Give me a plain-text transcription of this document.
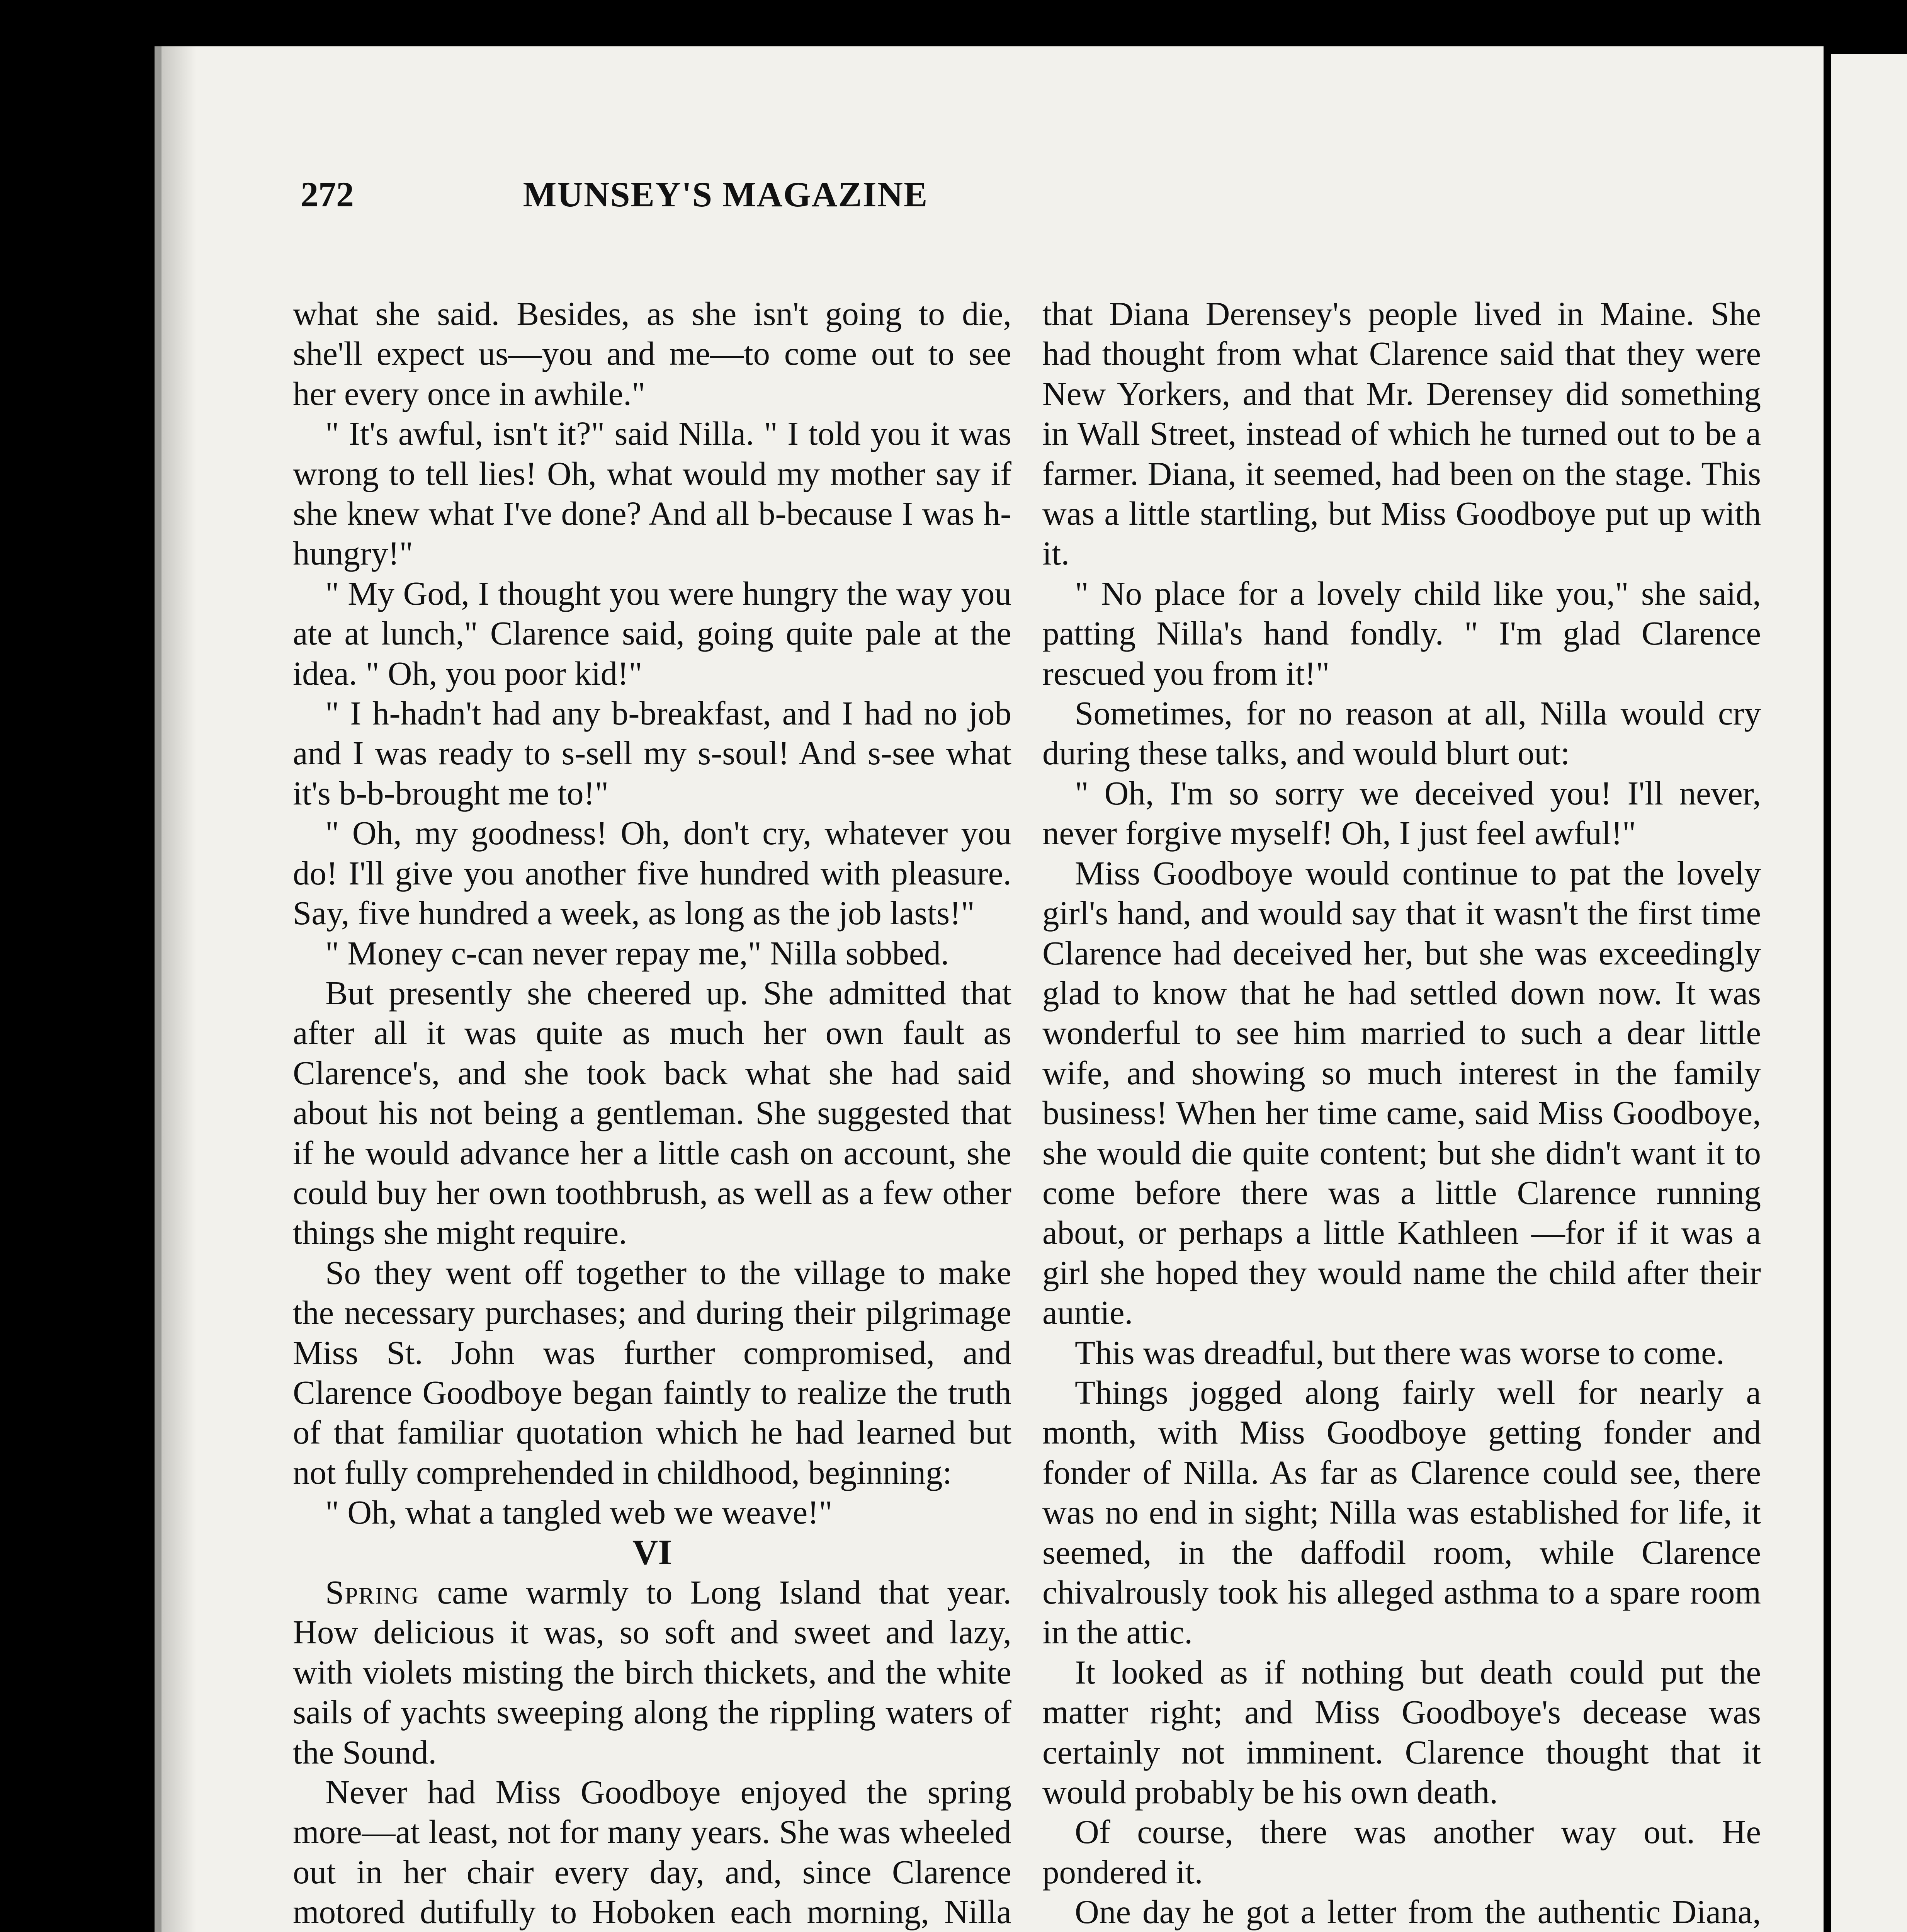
272	MUNSEY'S MAGAZINE

what she said. Besides, as she isn't going to die, she'll expect us—you and me—to come out to see her every once in awhile."

" It's awful, isn't it?" said Nilla. " I told you it was wrong to tell lies! Oh, what would my mother say if she knew what I've done? And all b-because I was h-hungry!"

" My God, I thought you were hungry the way you ate at lunch," Clarence said, going quite pale at the idea. " Oh, you poor kid!"

" I h-hadn't had any b-breakfast, and I had no job and I was ready to s-sell my s-soul! And s-see what it's b-b-brought me to!"

" Oh, my goodness! Oh, don't cry, whatever you do! I'll give you another five hundred with pleasure. Say, five hundred a week, as long as the job lasts!"

" Money c-can never repay me," Nilla sobbed.

But presently she cheered up. She admitted that after all it was quite as much her own fault as Clarence's, and she took back what she had said about his not being a gentleman. She suggested that if he would advance her a little cash on account, she could buy her own toothbrush, as well as a few other things she might require.

So they went off together to the village to make the necessary purchases; and during their pilgrimage Miss St. John was further compromised, and Clarence Goodboye began faintly to realize the truth of that familiar quotation which he had learned but not fully comprehended in childhood, beginning:

" Oh, what a tangled web we weave!"

VI

Spring came warmly to Long Island that year. How delicious it was, so soft and sweet and lazy, with violets misting the birch thickets, and the white sails of yachts sweeping along the rippling waters of the Sound.

Never had Miss Goodboye enjoyed the spring more—at least, not for many years. She was wheeled out in her chair every day, and, since Clarence motored dutifully to Hoboken each morning, Nilla

that Diana Derensey's people lived in Maine. She had thought from what Clarence said that they were New Yorkers, and that Mr. Derensey did something in Wall Street, instead of which he turned out to be a farmer. Diana, it seemed, had been on the stage. This was a little startling, but Miss Goodboye put up with it.

" No place for a lovely child like you," she said, patting Nilla's hand fondly. " I'm glad Clarence rescued you from it!"

Sometimes, for no reason at all, Nilla would cry during these talks, and would blurt out:

" Oh, I'm so sorry we deceived you! I'll never, never forgive myself! Oh, I just feel awful!"

Miss Goodboye would continue to pat the lovely girl's hand, and would say that it wasn't the first time Clarence had deceived her, but she was exceedingly glad to know that he had settled down now. It was wonderful to see him married to such a dear little wife, and showing so much interest in the family business! When her time came, said Miss Goodboye, she would die quite content; but she didn't want it to come before there was a little Clarence running about, or perhaps a little Kathleen —for if it was a girl she hoped they would name the child after their auntie.

This was dreadful, but there was worse to come.

Things jogged along fairly well for nearly a month, with Miss Goodboye getting fonder and fonder of Nilla. As far as Clarence could see, there was no end in sight; Nilla was established for life, it seemed, in the daffodil room, while Clarence chivalrously took his alleged asthma to a spare room in the attic.

It looked as if nothing but death could put the matter right; and Miss Goodboye's decease was certainly not imminent. Clarence thought that it would probably be his own death.

Of course, there was another way out. He pondered it.

One day he got a letter from the authentic Diana,
